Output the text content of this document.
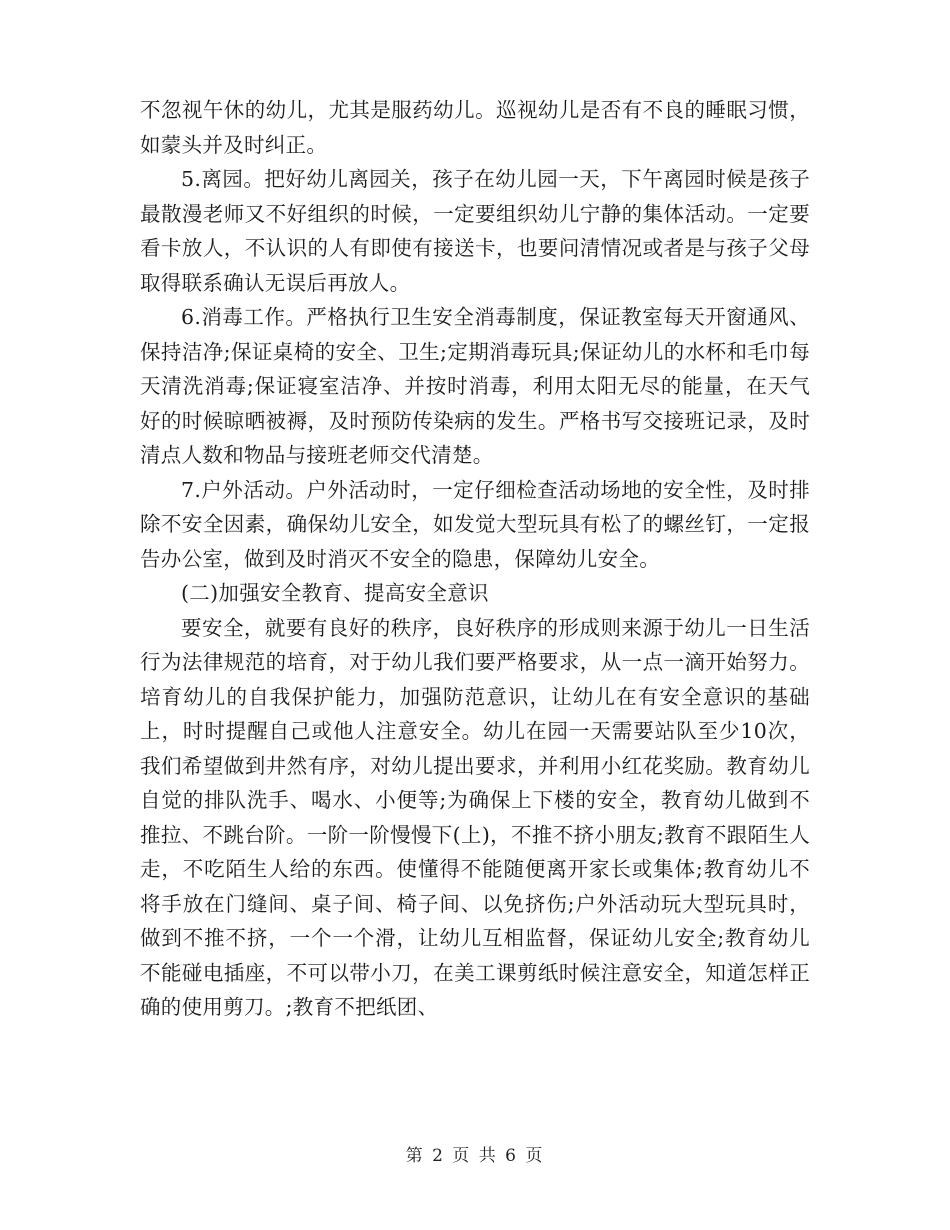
不忽视午休的幼儿，尤其是服药幼儿。巡视幼儿是否有不良的睡眠习惯，如蒙头并及时纠正。

5.离园。把好幼儿离园关，孩子在幼儿园一天，下午离园时候是孩子最散漫老师又不好组织的时候，一定要组织幼儿宁静的集体活动。一定要看卡放人，不认识的人有即使有接送卡，也要问清情况或者是与孩子父母取得联系确认无误后再放人。

6.消毒工作。严格执行卫生安全消毒制度，保证教室每天开窗通风、保持洁净;保证桌椅的安全、卫生;定期消毒玩具;保证幼儿的水杯和毛巾每天清洗消毒;保证寝室洁净、并按时消毒，利用太阳无尽的能量，在天气好的时候晾晒被褥，及时预防传染病的发生。严格书写交接班记录，及时清点人数和物品与接班老师交代清楚。

7.户外活动。户外活动时，一定仔细检查活动场地的安全性，及时排除不安全因素，确保幼儿安全，如发觉大型玩具有松了的螺丝钉，一定报告办公室，做到及时消灭不安全的隐患，保障幼儿安全。

(二)加强安全教育、提高安全意识

要安全，就要有良好的秩序，良好秩序的形成则来源于幼儿一日生活行为法律规范的培育，对于幼儿我们要严格要求，从一点一滴开始努力。培育幼儿的自我保护能力，加强防范意识，让幼儿在有安全意识的基础上，时时提醒自己或他人注意安全。幼儿在园一天需要站队至少10次，我们希望做到井然有序，对幼儿提出要求，并利用小红花奖励。教育幼儿自觉的排队洗手、喝水、小便等;为确保上下楼的安全，教育幼儿做到不推拉、不跳台阶。一阶一阶慢慢下(上)，不推不挤小朋友;教育不跟陌生人走，不吃陌生人给的东西。使懂得不能随便离开家长或集体;教育幼儿不将手放在门缝间、桌子间、椅子间、以免挤伤;户外活动玩大型玩具时，做到不推不挤，一个一个滑，让幼儿互相监督，保证幼儿安全;教育幼儿不能碰电插座，不可以带小刀，在美工课剪纸时候注意安全，知道怎样正确的使用剪刀。;教育不把纸团、

第 2 页 共 6 页
